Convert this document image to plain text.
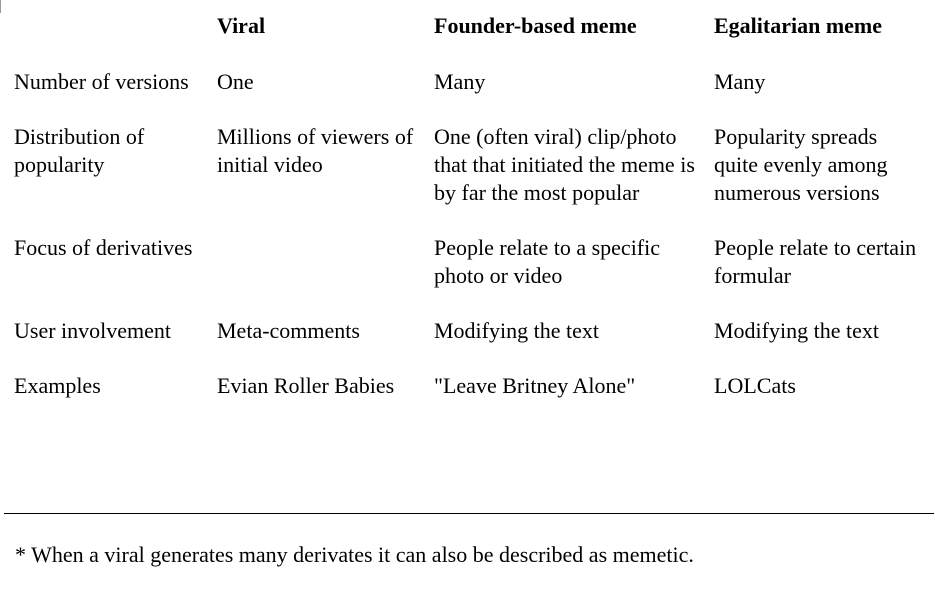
	Viral	Founder-based meme	Egalitarian meme
Number of versions	One	Many	Many
Distribution of popularity	Millions of viewers of initial video	One (often viral) clip/photo that that initiated the meme is by far the most popular	Popularity spreads quite evenly among numerous versions
Focus of derivatives		People relate to a specific photo or video	People relate to certain formular
User involvement	Meta-comments	Modifying the text	Modifying the text
Examples	Evian Roller Babies	"Leave Britney Alone"	LOLCats
* When a viral generates many derivates it can also be described as memetic.
